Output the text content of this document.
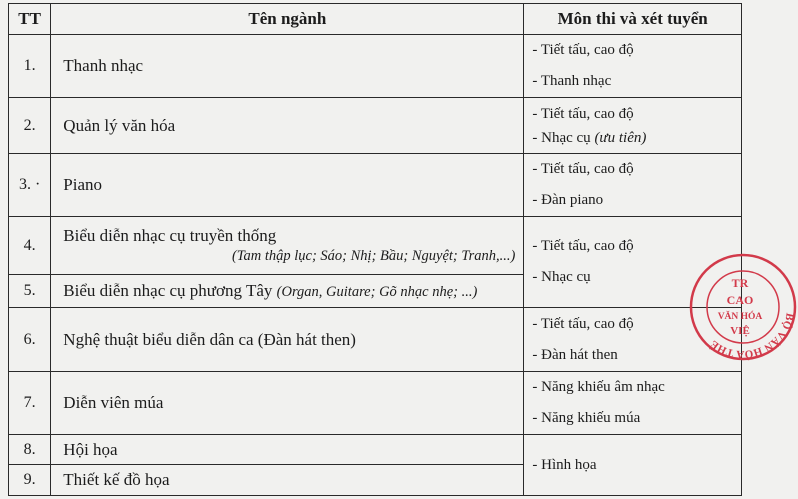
TT	Tên ngành	Môn thi và xét tuyển
1.	Thanh nhạc	- Tiết tấu, cao độ
- Thanh nhạc

2.	Quản lý văn hóa	- Tiết tấu, cao độ
- Nhạc cụ (ưu tiên)

3. ·	Piano	- Tiết tấu, cao độ
- Đàn piano

4.	Biểu diễn nhạc cụ truyền thống
(Tam thập lục; Sáo; Nhị; Bầu; Nguyệt; Tranh,...)	- Tiết tấu, cao độ
- Nhạc cụ

5.	Biểu diễn nhạc cụ phương Tây (Organ, Guitare; Gõ nhạc nhẹ; ...)	
6.	Nghệ thuật biểu diễn dân ca (Đàn hát then)	- Tiết tấu, cao độ
- Đàn hát then

7.	Diễn viên múa	- Năng khiếu âm nhạc
- Năng khiếu múa

8.	Hội họa	- Hình họa

9.	Thiết kế đồ họa	
BỘ VĂN HÓA THỂ
TR
CAO
VĂN HÓA
VIỆ
